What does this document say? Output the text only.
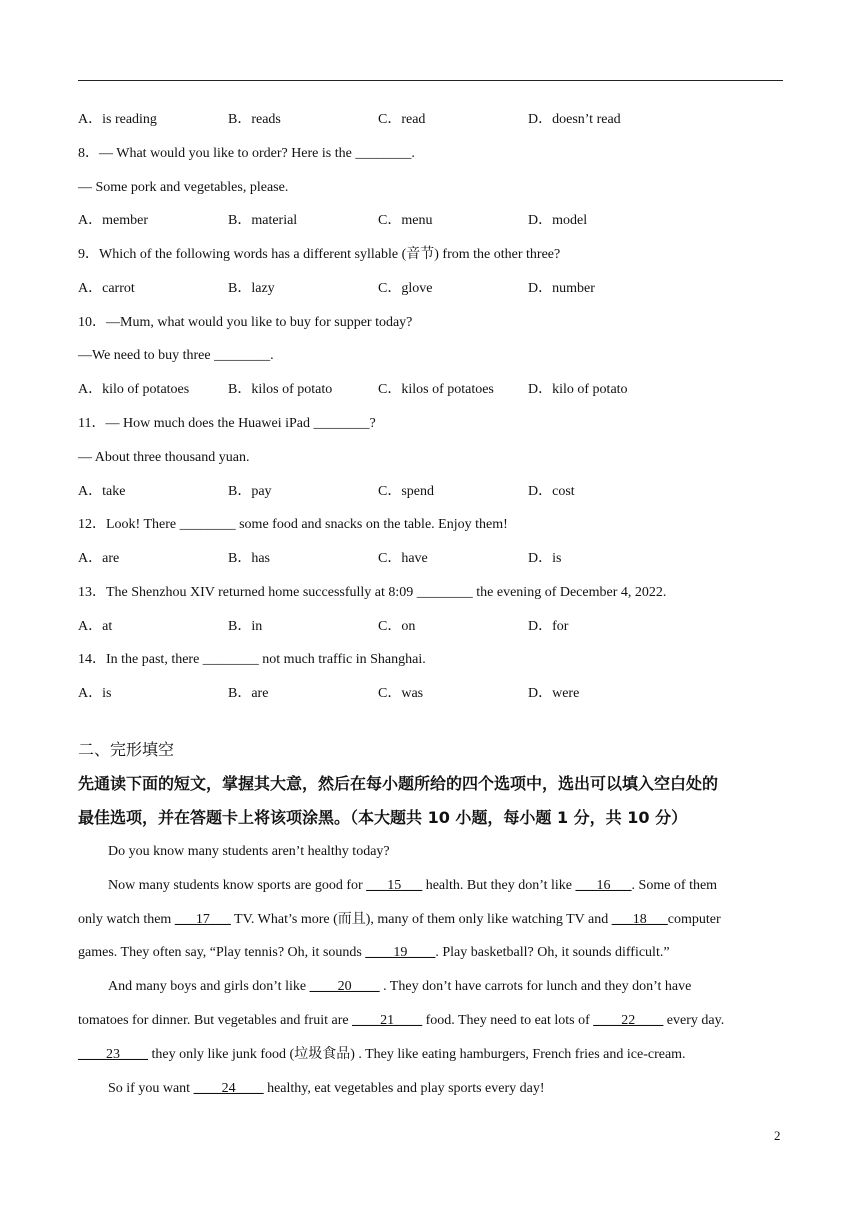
A．is reading	B．reads	C．read	D．doesn’t read
8．— What would you like to order? Here is the ________.
— Some pork and vegetables, please.
A．member	B．material	C．menu	D．model
9．Which of the following words has a different syllable (音节) from the other three?
A．carrot	B．lazy	C．glove	D．number
10．—Mum, what would you like to buy for supper today?
—We need to buy three ________.
A．kilo of potatoes	B．kilos of potato	C．kilos of potatoes D．kilo of potato
11．— How much does the Huawei iPad ________?
— About three thousand yuan.
A．take	B．pay	C．spend	D．cost
12．Look! There ________ some food and snacks on the table. Enjoy them!
A．are	B．has	C．have	D．is
13．The Shenzhou XIV returned home successfully at 8:09 ________ the evening of December 4, 2022.
A．at	B．in	C．on	D．for
14．In the past, there ________ not much traffic in Shanghai.
A．is	B．are	C．was	D．were
二、完形填空
先通读下面的短文，掌握其大意，然后在每小题所给的四个选项中，选出可以填入空白处的
最佳选项，并在答题卡上将该项涂黑。（本大题共 10 小题，每小题 1 分，共 10 分）
Do you know many students aren’t healthy today?
Now many students know sports are good for ___15___ health. But they don’t like ___16___. Some of them
only watch them ___17___ TV. What’s more (而且), many of them only like watching TV and ___18___computer
games. They often say, “Play tennis? Oh, it sounds ____19____. Play basketball? Oh, it sounds difficult.”
And many boys and girls don’t like ____20____ . They don’t have carrots for lunch and they don’t have
tomatoes for dinner. But vegetables and fruit are ____21____ food. They need to eat lots of ____22____ every day.
____23____ they only like junk food (垃圾食品) . They like eating hamburgers, French fries and ice-cream.
So if you want ____24____ healthy, eat vegetables and play sports every day!
2
